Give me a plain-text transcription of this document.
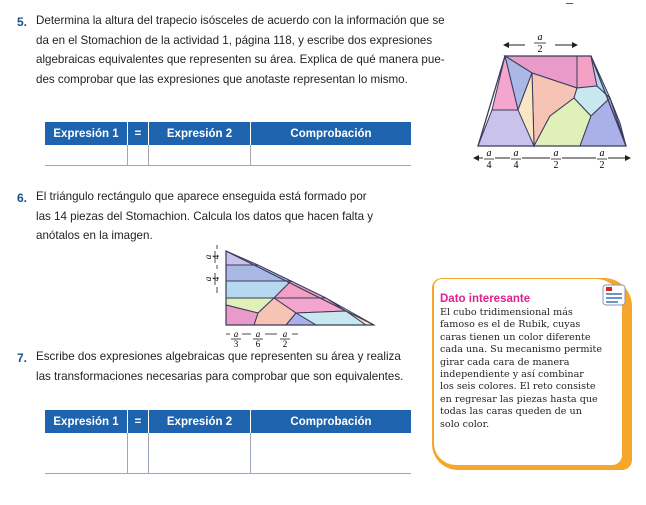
5. Determina la altura del trapecio isósceles de acuerdo con la información que se
da en el Stomachion de la actividad 1, página 118, y escribe dos expresiones
algebraicas equivalentes que representen su área. Explica de qué manera pue-
des comprobar que las expresiones que anotaste representan lo mismo.
Expresión 1	=	Expresión 2	Comprobación

a
2
a
4
a
4
a
2
a
2
6. El triángulo rectángulo que aparece enseguida está formado por
las 14 piezas del Stomachion. Calcula los datos que hacen falta y
anótalos en la imagen.
a
4
a
4
a
3
a
6
a
2
7. Escribe dos expresiones algebraicas que representen su área y realiza
las transformaciones necesarias para comprobar que son equivalentes.
Expresión 1	=	Expresión 2	Comprobación

Dato interesante
El cubo tridimensional más
famoso es el de Rubik, cuyas
caras tienen un color diferente
cada una. Su mecanismo permite
girar cada cara de manera
independiente y así combinar
los seis colores. El reto consiste
en regresar las piezas hasta que
todas las caras queden de un
solo color.
